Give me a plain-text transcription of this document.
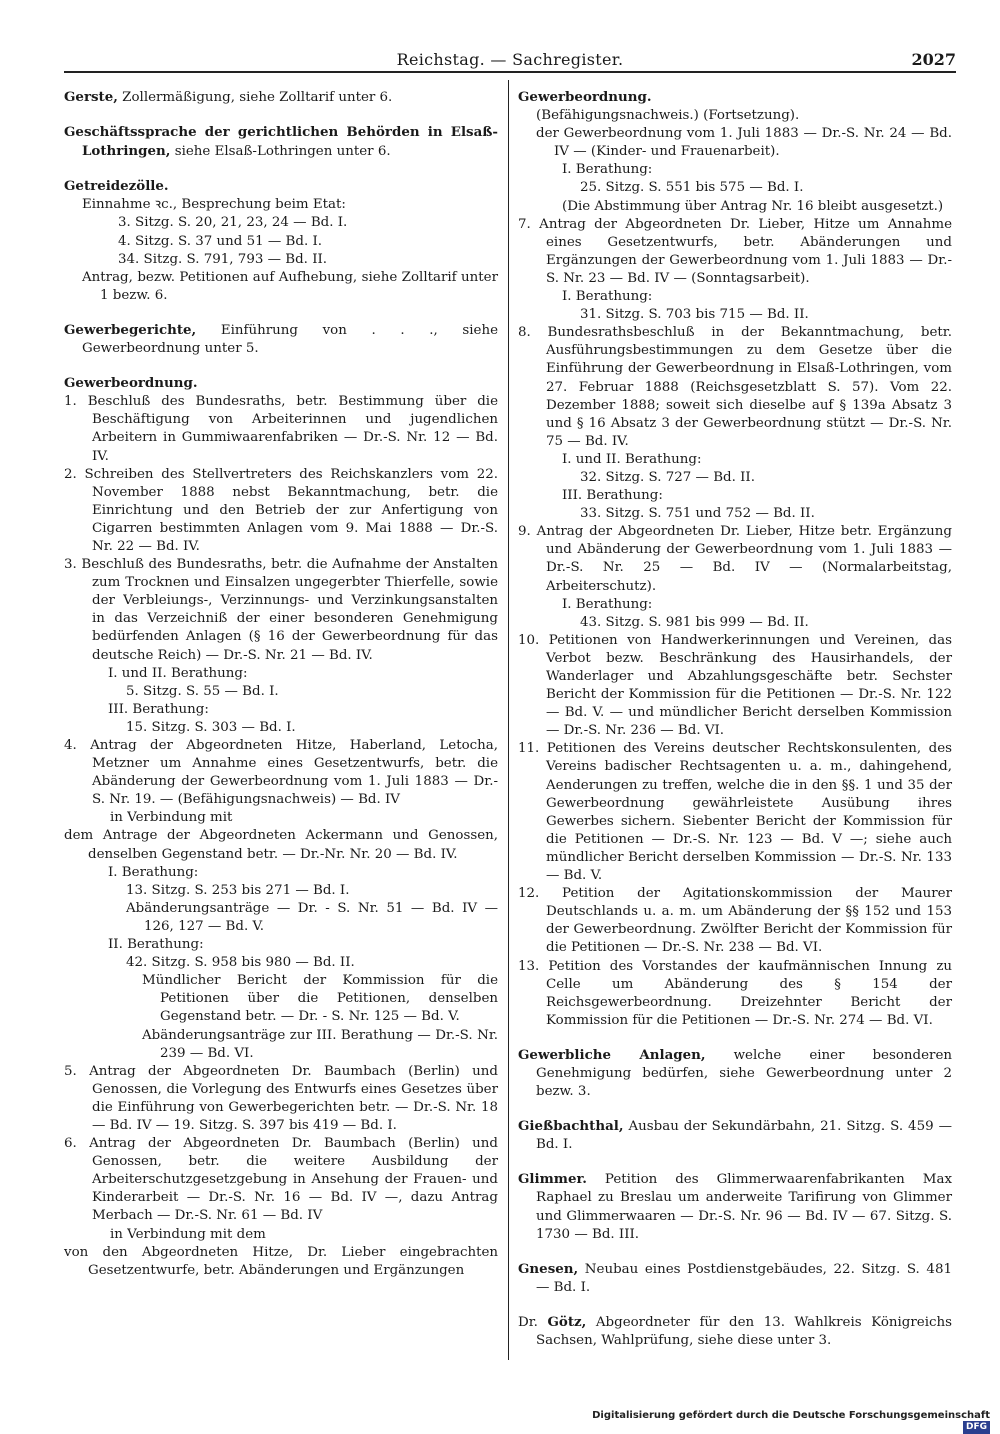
Reichstag. — Sachregister.	2027

Gerste, Zollermäßigung, siehe Zolltarif unter 6.

Geschäftssprache der gerichtlichen Behörden in Elsaß-Lothringen, siehe Elsaß-Lothringen unter 6.

Getreidezölle.

Einnahme ꝛc., Besprechung beim Etat:

3. Sitzg. S. 20, 21, 23, 24 — Bd. I.

4. Sitzg. S. 37 und 51 — Bd. I.

34. Sitzg. S. 791, 793 — Bd. II.

Antrag, bezw. Petitionen auf Aufhebung, siehe Zolltarif unter 1 bezw. 6.

Gewerbegerichte, Einführung von . . ., siehe Gewerbeordnung unter 5.

Gewerbeordnung.

1. Beschluß des Bundesraths, betr. Bestimmung über die Beschäftigung von Arbeiterinnen und jugendlichen Arbeitern in Gummiwaarenfabriken — Dr.-S. Nr. 12 — Bd. IV.

2. Schreiben des Stellvertreters des Reichskanzlers vom 22. November 1888 nebst Bekanntmachung, betr. die Einrichtung und den Betrieb der zur Anfertigung von Cigarren bestimmten Anlagen vom 9. Mai 1888 — Dr.-S. Nr. 22 — Bd. IV.

3. Beschluß des Bundesraths, betr. die Aufnahme der Anstalten zum Trocknen und Einsalzen ungegerbter Thierfelle, sowie der Verbleiungs-, Verzinnungs- und Verzinkungsanstalten in das Verzeichniß der einer besonderen Genehmigung bedürfenden Anlagen (§ 16 der Gewerbeordnung für das deutsche Reich) — Dr.-S. Nr. 21 — Bd. IV.

I. und II. Berathung:

5. Sitzg. S. 55 — Bd. I.

III. Berathung:

15. Sitzg. S. 303 — Bd. I.

4. Antrag der Abgeordneten Hitze, Haberland, Letocha, Metzner um Annahme eines Gesetzentwurfs, betr. die Abänderung der Gewerbeordnung vom 1. Juli 1883 — Dr.-S. Nr. 19. — (Befähigungsnachweis) — Bd. IV

in Verbindung mit

dem Antrage der Abgeordneten Ackermann und Genossen, denselben Gegenstand betr. — Dr.-Nr. Nr. 20 — Bd. IV.

I. Berathung:

13. Sitzg. S. 253 bis 271 — Bd. I.

Abänderungsanträge — Dr. - S. Nr. 51 — Bd. IV — 126, 127 — Bd. V.

II. Berathung:

42. Sitzg. S. 958 bis 980 — Bd. II.

Mündlicher Bericht der Kommission für die Petitionen über die Petitionen, denselben Gegenstand betr. — Dr. - S. Nr. 125 — Bd. V.

Abänderungsanträge zur III. Berathung — Dr.-S. Nr. 239 — Bd. VI.

5. Antrag der Abgeordneten Dr. Baumbach (Berlin) und Genossen, die Vorlegung des Entwurfs eines Gesetzes über die Einführung von Gewerbegerichten betr. — Dr.-S. Nr. 18 — Bd. IV — 19. Sitzg. S. 397 bis 419 — Bd. I.

6. Antrag der Abgeordneten Dr. Baumbach (Berlin) und Genossen, betr. die weitere Ausbildung der Arbeiterschutzgesetzgebung in Ansehung der Frauen- und Kinderarbeit — Dr.-S. Nr. 16 — Bd. IV —, dazu Antrag Merbach — Dr.-S. Nr. 61 — Bd. IV

in Verbindung mit dem

von den Abgeordneten Hitze, Dr. Lieber eingebrachten Gesetzentwurfe, betr. Abänderungen und Ergänzungen

Gewerbeordnung.

(Befähigungsnachweis.) (Fortsetzung).

der Gewerbeordnung vom 1. Juli 1883 — Dr.-S. Nr. 24 — Bd. IV — (Kinder- und Frauenarbeit).

I. Berathung:

25. Sitzg. S. 551 bis 575 — Bd. I.

(Die Abstimmung über Antrag Nr. 16 bleibt ausgesetzt.)

7. Antrag der Abgeordneten Dr. Lieber, Hitze um Annahme eines Gesetzentwurfs, betr. Abänderungen und Ergänzungen der Gewerbeordnung vom 1. Juli 1883 — Dr.-S. Nr. 23 — Bd. IV — (Sonntagsarbeit).

I. Berathung:

31. Sitzg. S. 703 bis 715 — Bd. II.

8. Bundesrathsbeschluß in der Bekanntmachung, betr. Ausführungsbestimmungen zu dem Gesetze über die Einführung der Gewerbeordnung in Elsaß-Lothringen, vom 27. Februar 1888 (Reichsgesetzblatt S. 57). Vom 22. Dezember 1888; soweit sich dieselbe auf § 139a Absatz 3 und § 16 Absatz 3 der Gewerbeordnung stützt — Dr.-S. Nr. 75 — Bd. IV.

I. und II. Berathung:

32. Sitzg. S. 727 — Bd. II.

III. Berathung:

33. Sitzg. S. 751 und 752 — Bd. II.

9. Antrag der Abgeordneten Dr. Lieber, Hitze betr. Ergänzung und Abänderung der Gewerbeordnung vom 1. Juli 1883 — Dr.-S. Nr. 25 — Bd. IV — (Normalarbeitstag, Arbeiterschutz).

I. Berathung:

43. Sitzg. S. 981 bis 999 — Bd. II.

10. Petitionen von Handwerkerinnungen und Vereinen, das Verbot bezw. Beschränkung des Hausirhandels, der Wanderlager und Abzahlungsgeschäfte betr. Sechster Bericht der Kommission für die Petitionen — Dr.-S. Nr. 122 — Bd. V. — und mündlicher Bericht derselben Kommission — Dr.-S. Nr. 236 — Bd. VI.

11. Petitionen des Vereins deutscher Rechtskonsulenten, des Vereins badischer Rechtsagenten u. a. m., dahingehend, Aenderungen zu treffen, welche die in den §§. 1 und 35 der Gewerbeordnung gewährleistete Ausübung ihres Gewerbes sichern. Siebenter Bericht der Kommission für die Petitionen — Dr.-S. Nr. 123 — Bd. V —; siehe auch mündlicher Bericht derselben Kommission — Dr.-S. Nr. 133 — Bd. V.

12. Petition der Agitationskommission der Maurer Deutschlands u. a. m. um Abänderung der §§ 152 und 153 der Gewerbeordnung. Zwölfter Bericht der Kommission für die Petitionen — Dr.-S. Nr. 238 — Bd. VI.

13. Petition des Vorstandes der kaufmännischen Innung zu Celle um Abänderung des § 154 der Reichsgewerbeordnung. Dreizehnter Bericht der Kommission für die Petitionen — Dr.-S. Nr. 274 — Bd. VI.

Gewerbliche Anlagen, welche einer besonderen Genehmigung bedürfen, siehe Gewerbeordnung unter 2 bezw. 3.

Gießbachthal, Ausbau der Sekundärbahn, 21. Sitzg. S. 459 — Bd. I.

Glimmer. Petition des Glimmerwaarenfabrikanten Max Raphael zu Breslau um anderweite Tarifirung von Glimmer und Glimmerwaaren — Dr.-S. Nr. 96 — Bd. IV — 67. Sitzg. S. 1730 — Bd. III.

Gnesen, Neubau eines Postdienstgebäudes, 22. Sitzg. S. 481 — Bd. I.

Dr. Götz, Abgeordneter für den 13. Wahlkreis Königreichs Sachsen, Wahlprüfung, siehe diese unter 3.

Digitalisierung gefördert durch die Deutsche Forschungsgemeinschaft DFG
